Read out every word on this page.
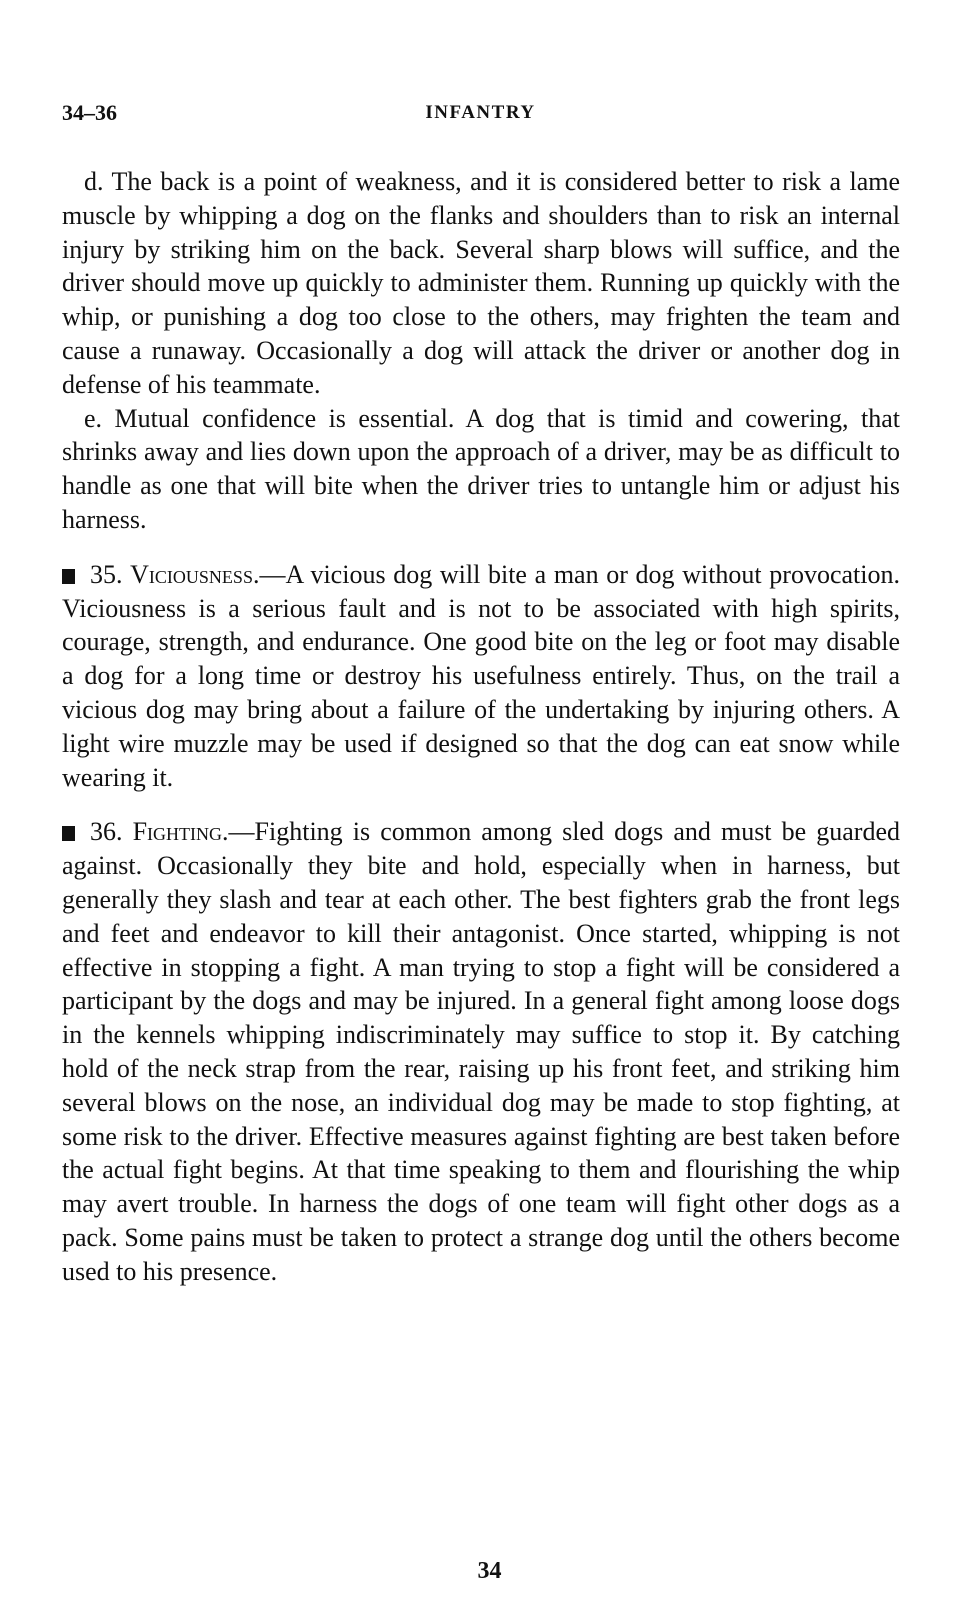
34–36	INFANTRY

d. The back is a point of weakness, and it is considered better to risk a lame muscle by whipping a dog on the flanks and shoulders than to risk an internal injury by striking him on the back. Several sharp blows will suffice, and the driver should move up quickly to administer them. Running up quickly with the whip, or punishing a dog too close to the others, may frighten the team and cause a runaway. Occasionally a dog will attack the driver or another dog in defense of his teammate.

e. Mutual confidence is essential. A dog that is timid and cowering, that shrinks away and lies down upon the approach of a driver, may be as difficult to handle as one that will bite when the driver tries to untangle him or adjust his harness.

35. Viciousness.—A vicious dog will bite a man or dog without provocation. Viciousness is a serious fault and is not to be associated with high spirits, courage, strength, and endurance. One good bite on the leg or foot may disable a dog for a long time or destroy his usefulness entirely. Thus, on the trail a vicious dog may bring about a failure of the undertaking by injuring others. A light wire muzzle may be used if designed so that the dog can eat snow while wearing it.

36. Fighting.—Fighting is common among sled dogs and must be guarded against. Occasionally they bite and hold, especially when in harness, but generally they slash and tear at each other. The best fighters grab the front legs and feet and endeavor to kill their antagonist. Once started, whipping is not effective in stopping a fight. A man trying to stop a fight will be considered a participant by the dogs and may be injured. In a general fight among loose dogs in the kennels whipping indiscriminately may suffice to stop it. By catching hold of the neck strap from the rear, raising up his front feet, and striking him several blows on the nose, an individual dog may be made to stop fighting, at some risk to the driver. Effective measures against fighting are best taken before the actual fight begins. At that time speaking to them and flourishing the whip may avert trouble. In harness the dogs of one team will fight other dogs as a pack. Some pains must be taken to protect a strange dog until the others become used to his presence.

34
